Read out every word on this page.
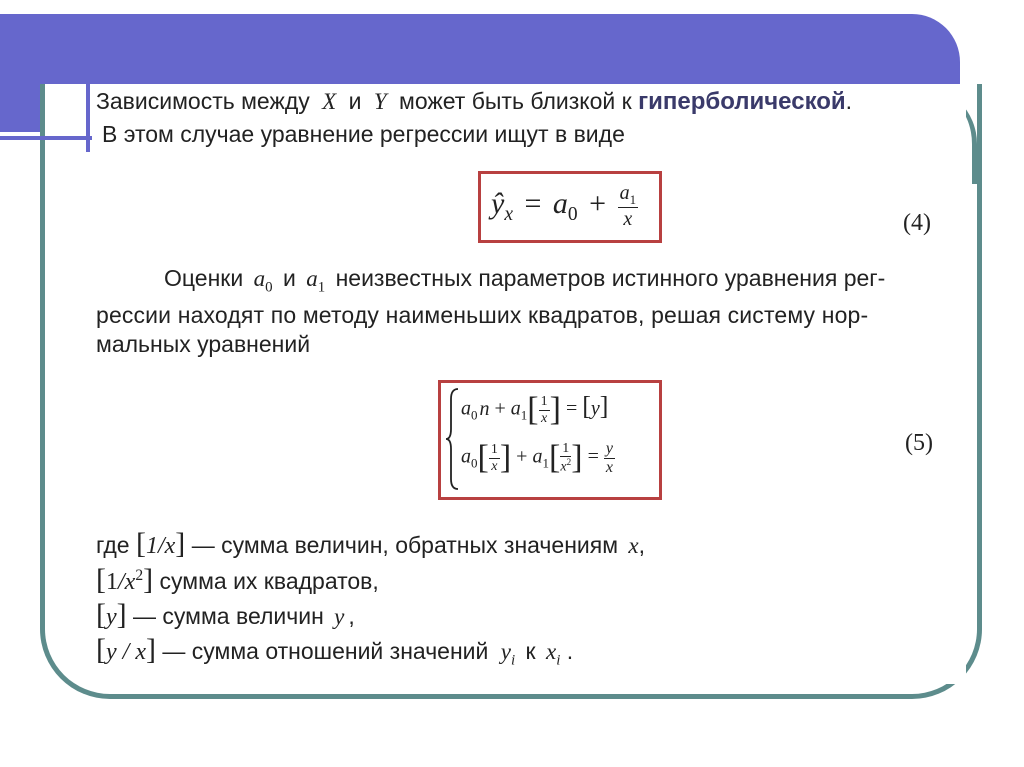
Зависимость между X и Y может быть близкой к гиперболической.
В этом случае уравнение регрессии ищут в виде
$ŷ_x = a_0 + \frac{a_1}{x}$	(4)
Оценки $a_0$ и $a_1$ неизвестных параметров истинного уравнения рег-
рессии находят по методу наименьших квадратов, решая систему нор-
мальных уравнений
$a_0$ $n + a_1[ \frac{1}{x}$ ] = [y]
$a_0[ \frac{1}{x}$ ] + $a_1[ \frac{1}{x^2}$ ] = $\frac{y}{x}$	(5)
где [1/x] — сумма величин, обратных значениям x,
$[1/x^2]$ сумма их квадратов,
[y] — сумма величин y ,
[y / x] — сумма отношений значений $y_i$ к $x_i$ .
